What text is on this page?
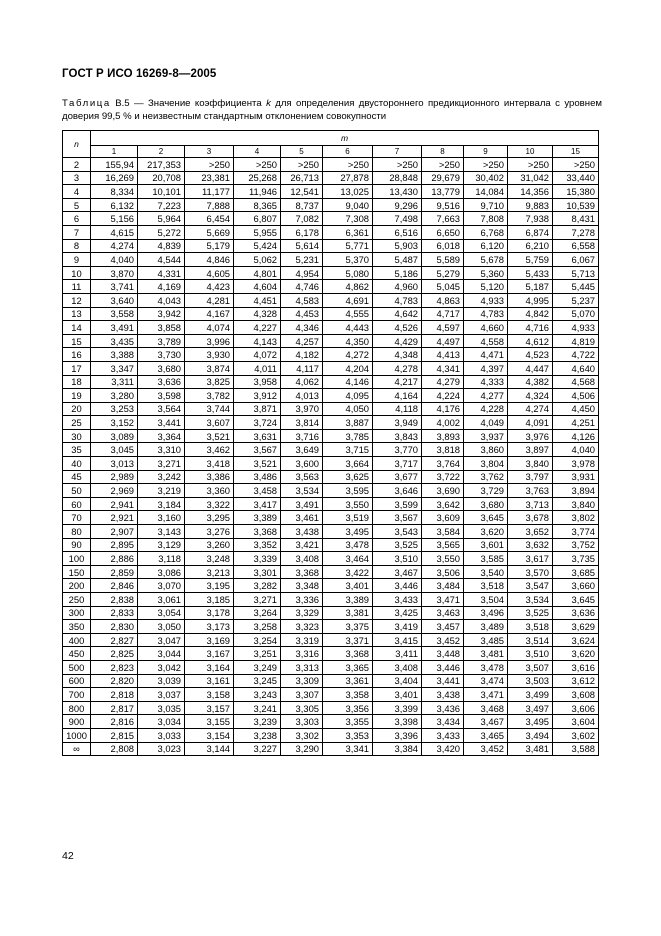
ГОСТ Р ИСО 16269-8—2005
Таблица В.5 — Значение коэффициента k для определения двустороннего предикционного интервала с уровнем доверия 99,5 % и неизвестным стандартным отклонением совокупности
n	m										
	1	2	3	4	5	6	7	8	9	10	15
2	155,94	217,353	>250	>250	>250	>250	>250	>250	>250	>250	>250
3	16,269	20,708	23,381	25,268	26,713	27,878	28,848	29,679	30,402	31,042	33,440
4	8,334	10,101	11,177	11,946	12,541	13,025	13,430	13,779	14,084	14,356	15,380
5	6,132	7,223	7,888	8,365	8,737	9,040	9,296	9,516	9,710	9,883	10,539
6	5,156	5,964	6,454	6,807	7,082	7,308	7,498	7,663	7,808	7,938	8,431
7	4,615	5,272	5,669	5,955	6,178	6,361	6,516	6,650	6,768	6,874	7,278
8	4,274	4,839	5,179	5,424	5,614	5,771	5,903	6,018	6,120	6,210	6,558
9	4,040	4,544	4,846	5,062	5,231	5,370	5,487	5,589	5,678	5,759	6,067
10	3,870	4,331	4,605	4,801	4,954	5,080	5,186	5,279	5,360	5,433	5,713
11	3,741	4,169	4,423	4,604	4,746	4,862	4,960	5,045	5,120	5,187	5,445
12	3,640	4,043	4,281	4,451	4,583	4,691	4,783	4,863	4,933	4,995	5,237
13	3,558	3,942	4,167	4,328	4,453	4,555	4,642	4,717	4,783	4,842	5,070
14	3,491	3,858	4,074	4,227	4,346	4,443	4,526	4,597	4,660	4,716	4,933
15	3,435	3,789	3,996	4,143	4,257	4,350	4,429	4,497	4,558	4,612	4,819
16	3,388	3,730	3,930	4,072	4,182	4,272	4,348	4,413	4,471	4,523	4,722
17	3,347	3,680	3,874	4,011	4,117	4,204	4,278	4,341	4,397	4,447	4,640
18	3,311	3,636	3,825	3,958	4,062	4,146	4,217	4,279	4,333	4,382	4,568
19	3,280	3,598	3,782	3,912	4,013	4,095	4,164	4,224	4,277	4,324	4,506
20	3,253	3,564	3,744	3,871	3,970	4,050	4,118	4,176	4,228	4,274	4,450
25	3,152	3,441	3,607	3,724	3,814	3,887	3,949	4,002	4,049	4,091	4,251
30	3,089	3,364	3,521	3,631	3,716	3,785	3,843	3,893	3,937	3,976	4,126
35	3,045	3,310	3,462	3,567	3,649	3,715	3,770	3,818	3,860	3,897	4,040
40	3,013	3,271	3,418	3,521	3,600	3,664	3,717	3,764	3,804	3,840	3,978
45	2,989	3,242	3,386	3,486	3,563	3,625	3,677	3,722	3,762	3,797	3,931
50	2,969	3,219	3,360	3,458	3,534	3,595	3,646	3,690	3,729	3,763	3,894
60	2,941	3,184	3,322	3,417	3,491	3,550	3,599	3,642	3,680	3,713	3,840
70	2,921	3,160	3,295	3,389	3,461	3,519	3,567	3,609	3,645	3,678	3,802
80	2,907	3,143	3,276	3,368	3,438	3,495	3,543	3,584	3,620	3,652	3,774
90	2,895	3,129	3,260	3,352	3,421	3,478	3,525	3,565	3,601	3,632	3,752
100	2,886	3,118	3,248	3,339	3,408	3,464	3,510	3,550	3,585	3,617	3,735
150	2,859	3,086	3,213	3,301	3,368	3,422	3,467	3,506	3,540	3,570	3,685
200	2,846	3,070	3,195	3,282	3,348	3,401	3,446	3,484	3,518	3,547	3,660
250	2,838	3,061	3,185	3,271	3,336	3,389	3,433	3,471	3,504	3,534	3,645
300	2,833	3,054	3,178	3,264	3,329	3,381	3,425	3,463	3,496	3,525	3,636
350	2,830	3,050	3,173	3,258	3,323	3,375	3,419	3,457	3,489	3,518	3,629
400	2,827	3,047	3,169	3,254	3,319	3,371	3,415	3,452	3,485	3,514	3,624
450	2,825	3,044	3,167	3,251	3,316	3,368	3,411	3,448	3,481	3,510	3,620
500	2,823	3,042	3,164	3,249	3,313	3,365	3,408	3,446	3,478	3,507	3,616
600	2,820	3,039	3,161	3,245	3,309	3,361	3,404	3,441	3,474	3,503	3,612
700	2,818	3,037	3,158	3,243	3,307	3,358	3,401	3,438	3,471	3,499	3,608
800	2,817	3,035	3,157	3,241	3,305	3,356	3,399	3,436	3,468	3,497	3,606
900	2,816	3,034	3,155	3,239	3,303	3,355	3,398	3,434	3,467	3,495	3,604
1000	2,815	3,033	3,154	3,238	3,302	3,353	3,396	3,433	3,465	3,494	3,602
∞	2,808	3,023	3,144	3,227	3,290	3,341	3,384	3,420	3,452	3,481	3,588
42
